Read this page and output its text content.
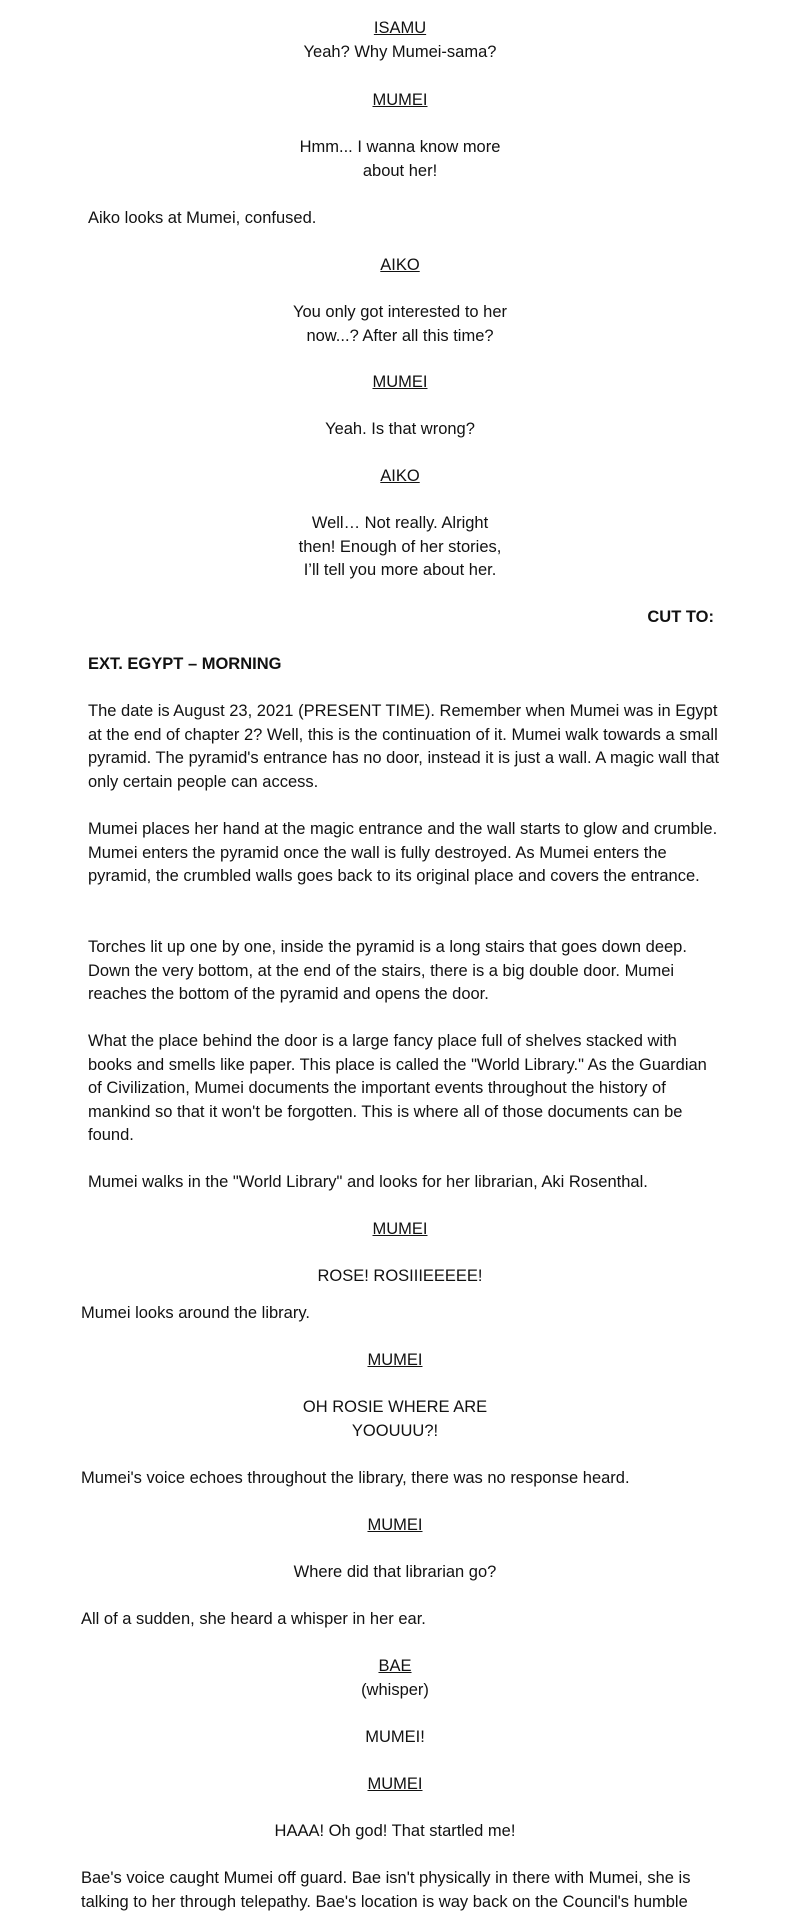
ISAMU
Yeah? Why Mumei-sama?
MUMEI
Hmm... I wanna know more
about her!
Aiko looks at Mumei, confused.
AIKO
You only got interested to her
now...? After all this time?
MUMEI
Yeah. Is that wrong?
AIKO
Well… Not really. Alright
then! Enough of her stories,
I’ll tell you more about her.
CUT TO:
EXT. EGYPT – MORNING
The date is August 23, 2021 (PRESENT TIME). Remember when Mumei was in Egypt at the end of chapter 2? Well, this is the continuation of it. Mumei walk towards a small pyramid. The pyramid's entrance has no door, instead it is just a wall. A magic wall that only certain people can access.
Mumei places her hand at the magic entrance and the wall starts to glow and crumble. Mumei enters the pyramid once the wall is fully destroyed. As Mumei enters the pyramid, the crumbled walls goes back to its original place and covers the entrance.
Torches lit up one by one, inside the pyramid is a long stairs that goes down deep. Down the very bottom, at the end of the stairs, there is a big double door. Mumei reaches the bottom of the pyramid and opens the door.
What the place behind the door is a large fancy place full of shelves stacked with books and smells like paper. This place is called the "World Library." As the Guardian of Civilization, Mumei documents the important events throughout the history of mankind so that it won't be forgotten. This is where all of those documents can be found.
Mumei walks in the "World Library" and looks for her librarian, Aki Rosenthal.
MUMEI
ROSE! ROSIIIEEEEE!
Mumei looks around the library.
MUMEI
OH ROSIE WHERE ARE
YOOUUU?!
Mumei's voice echoes throughout the library, there was no response heard.
MUMEI
Where did that librarian go?
All of a sudden, she heard a whisper in her ear.
BAE
(whisper)
MUMEI!
MUMEI
HAAA! Oh god! That startled me!
Bae's voice caught Mumei off guard. Bae isn't physically in there with Mumei, she is talking to her through telepathy. Bae's location is way back on the Council's humble
